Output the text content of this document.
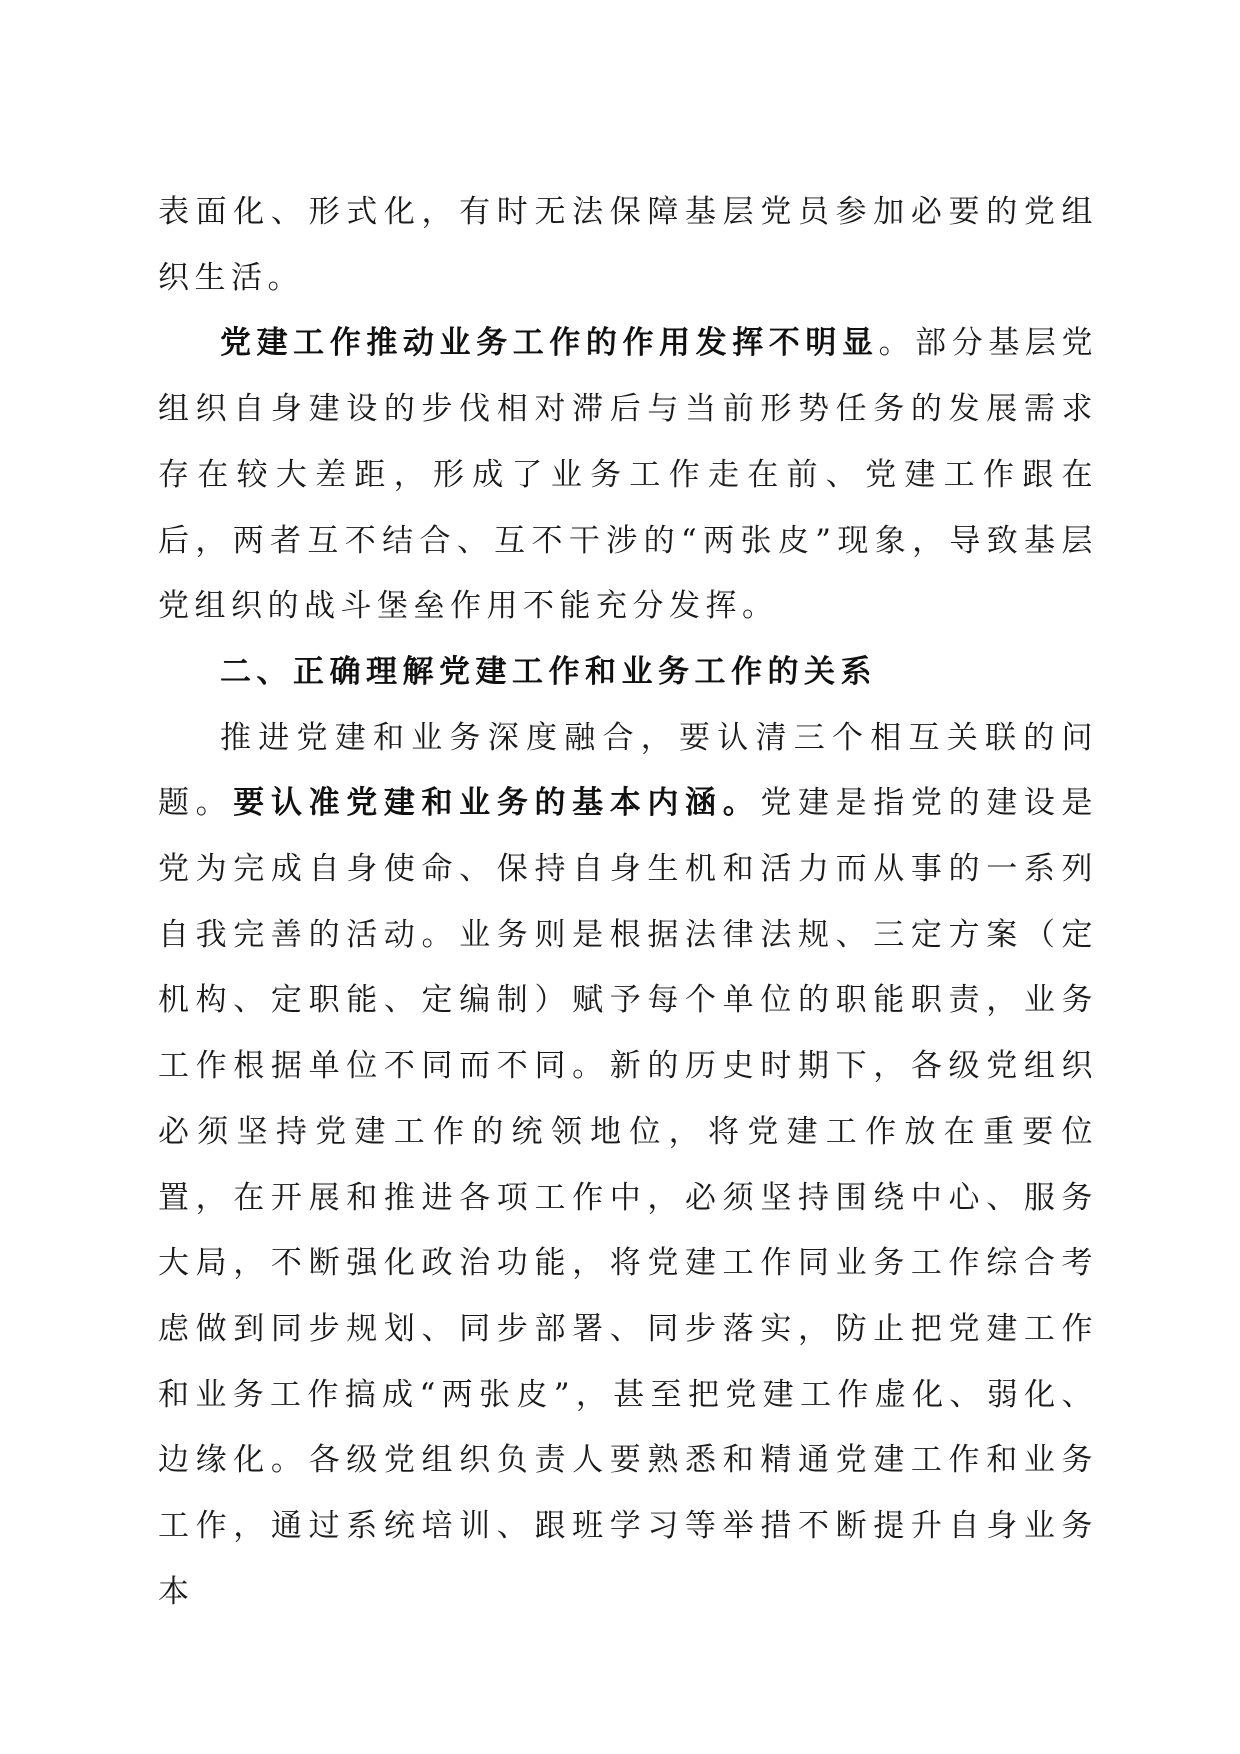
表面化、形式化，有时无法保障基层党员参加必要的党组织生活。

党建工作推动业务工作的作用发挥不明显。部分基层党组织自身建设的步伐相对滞后与当前形势任务的发展需求存在较大差距，形成了业务工作走在前、党建工作跟在后，两者互不结合、互不干涉的“两张皮”现象，导致基层党组织的战斗堡垒作用不能充分发挥。

二、正确理解党建工作和业务工作的关系

推进党建和业务深度融合，要认清三个相互关联的问题。要认准党建和业务的基本内涵。党建是指党的建设是党为完成自身使命、保持自身生机和活力而从事的一系列自我完善的活动。业务则是根据法律法规、三定方案（定机构、定职能、定编制）赋予每个单位的职能职责，业务工作根据单位不同而不同。新的历史时期下，各级党组织必须坚持党建工作的统领地位，将党建工作放在重要位置，在开展和推进各项工作中，必须坚持围绕中心、服务大局，不断强化政治功能，将党建工作同业务工作综合考虑做到同步规划、同步部署、同步落实，防止把党建工作和业务工作搞成“两张皮”，甚至把党建工作虚化、弱化、边缘化。各级党组织负责人要熟悉和精通党建工作和业务工作，通过系统培训、跟班学习等举措不断提升自身业务本
